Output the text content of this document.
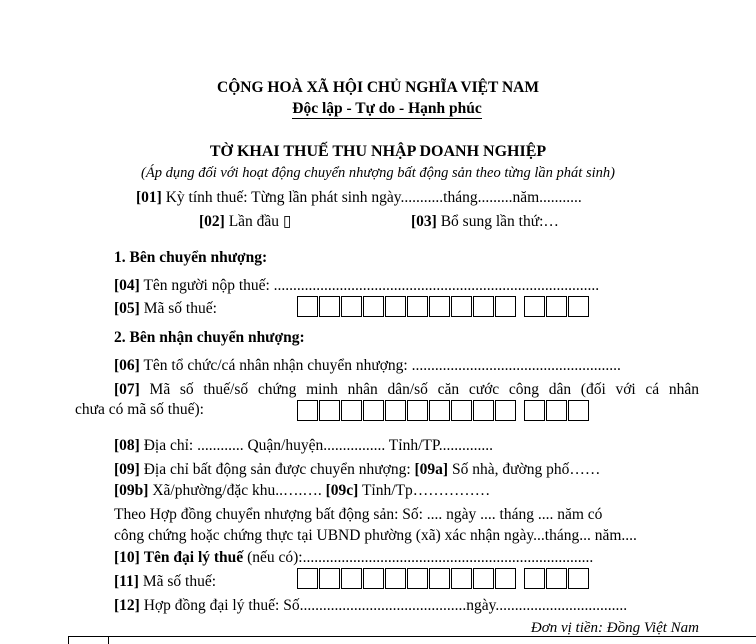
CỘNG HOÀ XÃ HỘI CHỦ NGHĨA VIỆT NAM
Độc lập - Tự do - Hạnh phúc
TỜ KHAI THUẾ THU NHẬP DOANH NGHIỆP
(Áp dụng đối với hoạt động chuyển nhượng bất động sản theo từng lần phát sinh)
[01] Kỳ tính thuế: Từng lần phát sinh ngày...........tháng.........năm...........
[02] Lần đầu ▯	[03] Bổ sung lần thứ:…
1. Bên chuyển nhượng:
[04] Tên người nộp thuế: ....................................................................................
[05] Mã số thuế:
2. Bên nhận chuyển nhượng:
[06] Tên tổ chức/cá nhân nhận chuyển nhượng: ......................................................
[07] Mã số thuế/số chứng minh nhân dân/số căn cước công dân (đối với cá nhân
chưa có mã số thuế):
[08] Địa chỉ: ............ Quận/huyện................ Tỉnh/TP..............
[09] Địa chỉ bất động sản được chuyển nhượng: [09a] Số nhà, đường phố……
[09b] Xã/phường/đặc khu..….…. [09c] Tỉnh/Tp……………
Theo Hợp đồng chuyển nhượng bất động sản: Số: .... ngày .... tháng .... năm có
công chứng hoặc chứng thực tại UBND phường (xã) xác nhận ngày...tháng... năm....
[10] Tên đại lý thuế (nếu có):...........................................................................
[11] Mã số thuế:
[12] Hợp đồng đại lý thuế: Số...........................................ngày..................................
Đơn vị tiền: Đồng Việt Nam
